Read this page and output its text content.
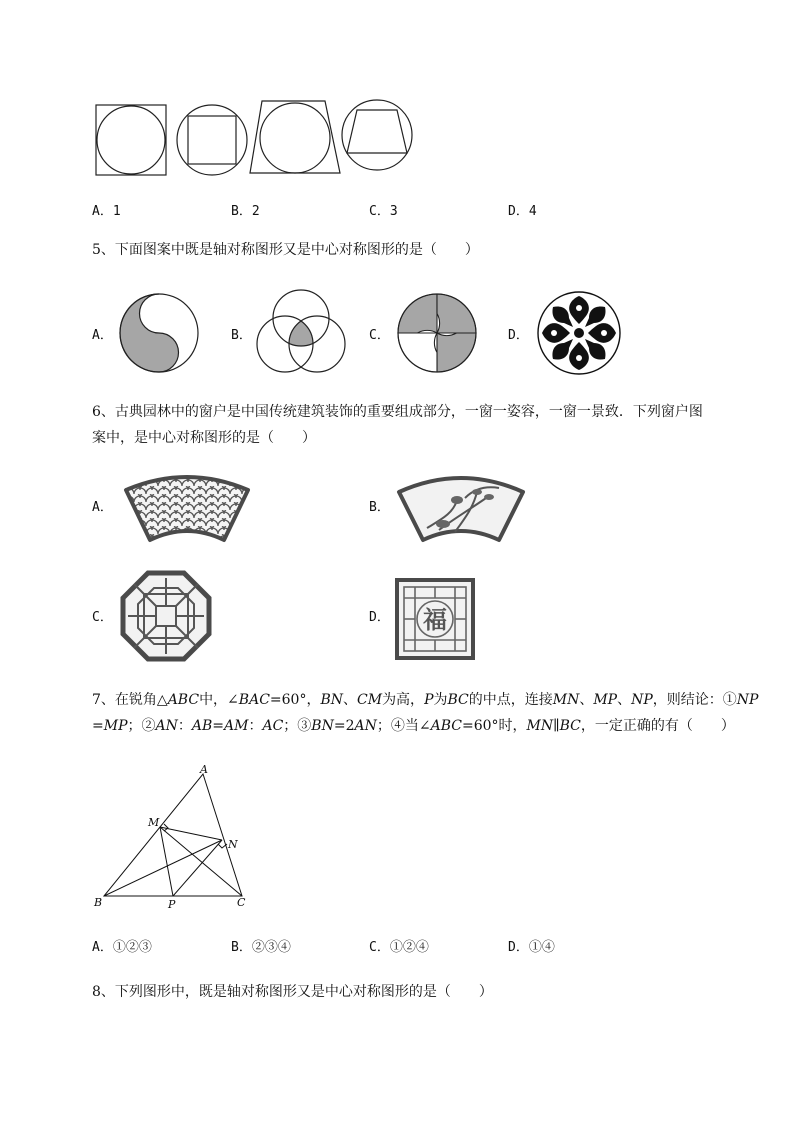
A．1	B．2	C．3	D．4
5、下面图案中既是轴对称图形又是中心对称图形的是（　　）
A．	B．	C．	D．
6、古典园林中的窗户是中国传统建筑装饰的重要组成部分，一窗一姿容，一窗一景致．下列窗户图
案中，是中心对称图形的是（　　）
A．	B．
C．	D． 福
7、在锐角△ABC中，∠BAC=60°，BN、CM为高，P为BC的中点，连接MN、MP、NP，则结论：①NP
=MP；②AN：AB=AM：AC；③BN=2AN；④当∠ABC=60°时，MN∥BC，一定正确的有（　　）
A
M
N
B	P	C
A．①②③	B．②③④	C．①②④	D．①④
8、下列图形中，既是轴对称图形又是中心对称图形的是（　　）
